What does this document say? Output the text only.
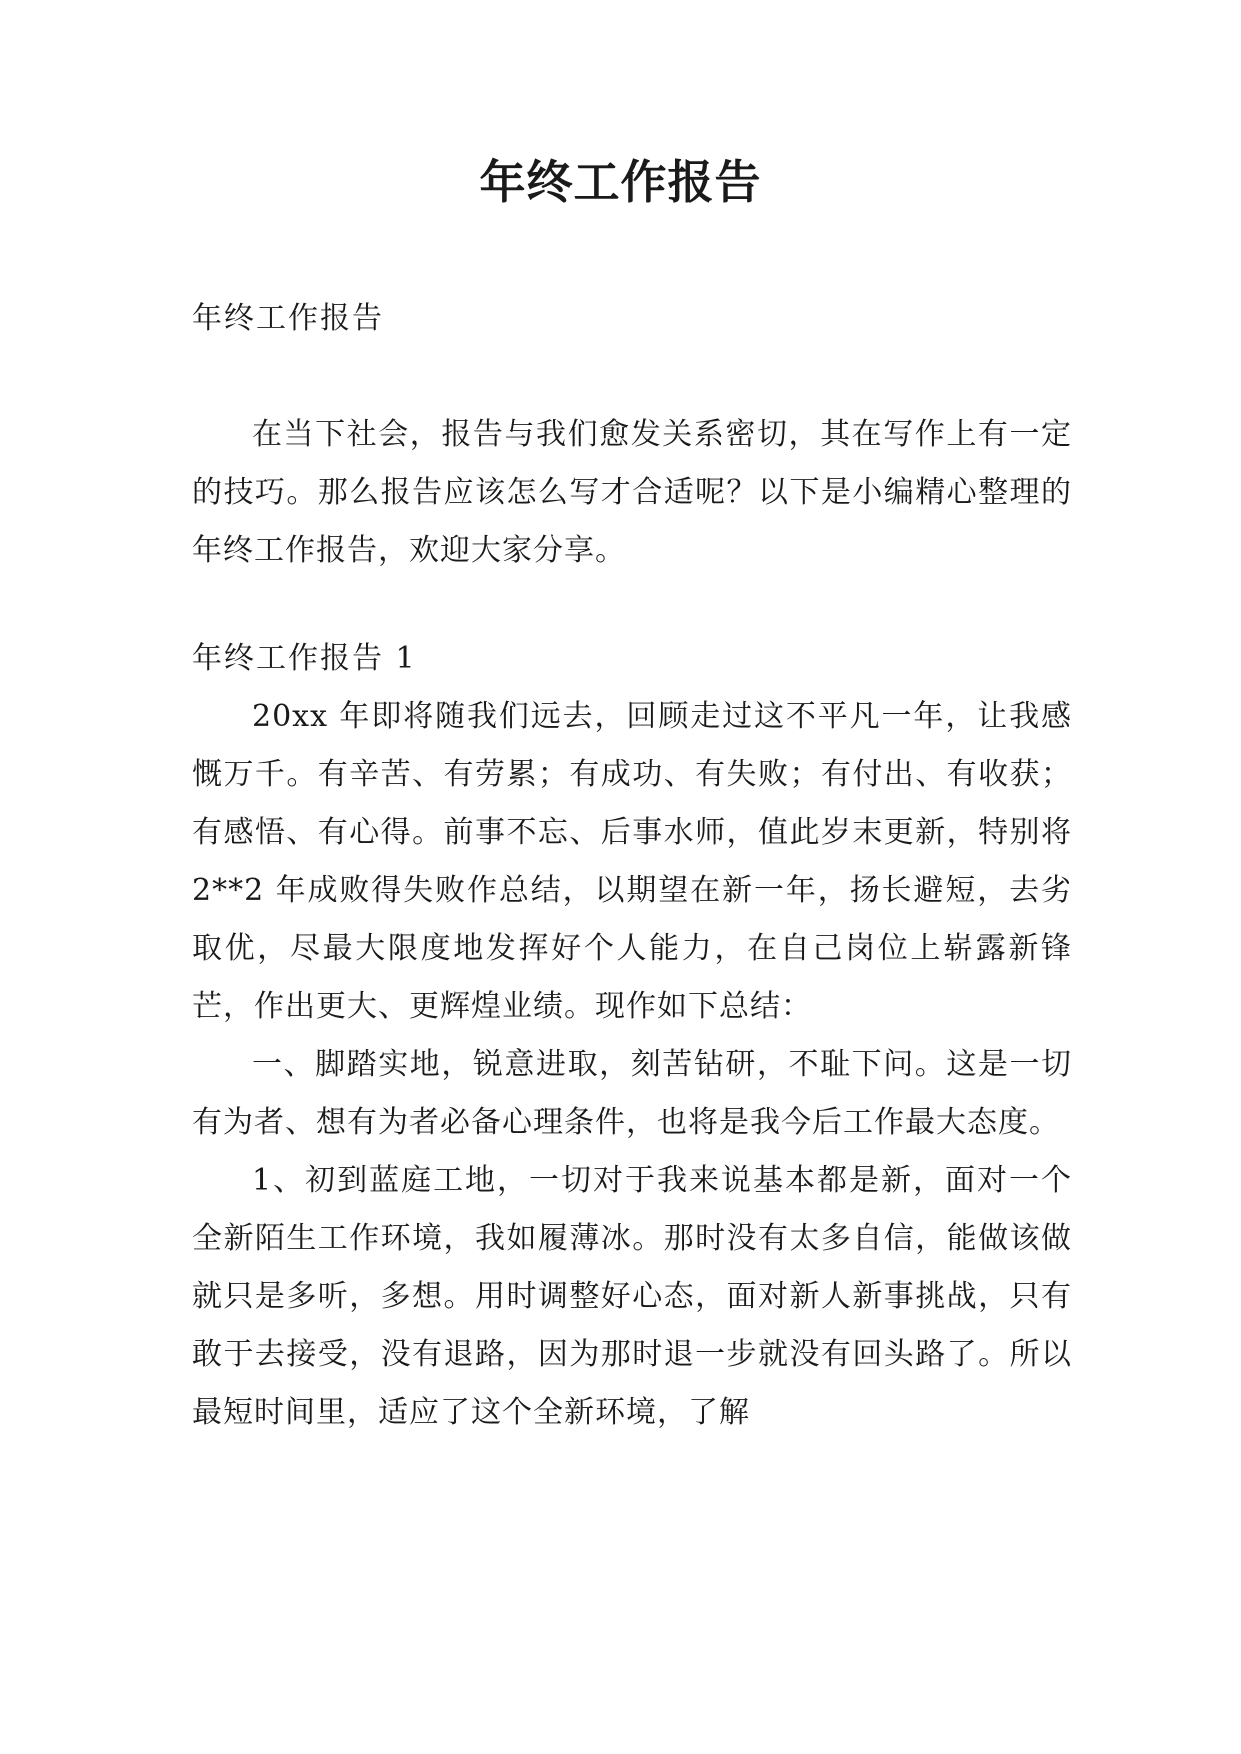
年终工作报告

年终工作报告

在当下社会，报告与我们愈发关系密切，其在写作上有一定的技巧。那么报告应该怎么写才合适呢？以下是小编精心整理的年终工作报告，欢迎大家分享。

年终工作报告 1

20xx 年即将随我们远去，回顾走过这不平凡一年，让我感慨万千。有辛苦、有劳累；有成功、有失败；有付出、有收获；有感悟、有心得。前事不忘、后事水师，值此岁末更新，特别将 2**2 年成败得失败作总结，以期望在新一年，扬长避短，去劣取优，尽最大限度地发挥好个人能力，在自己岗位上崭露新锋芒，作出更大、更辉煌业绩。现作如下总结：

一、脚踏实地，锐意进取，刻苦钻研，不耻下问。这是一切有为者、想有为者必备心理条件，也将是我今后工作最大态度。

1、初到蓝庭工地，一切对于我来说基本都是新，面对一个全新陌生工作环境，我如履薄冰。那时没有太多自信，能做该做就只是多听，多想。用时调整好心态，面对新人新事挑战，只有敢于去接受，没有退路，因为那时退一步就没有回头路了。所以最短时间里，适应了这个全新环境，了解
